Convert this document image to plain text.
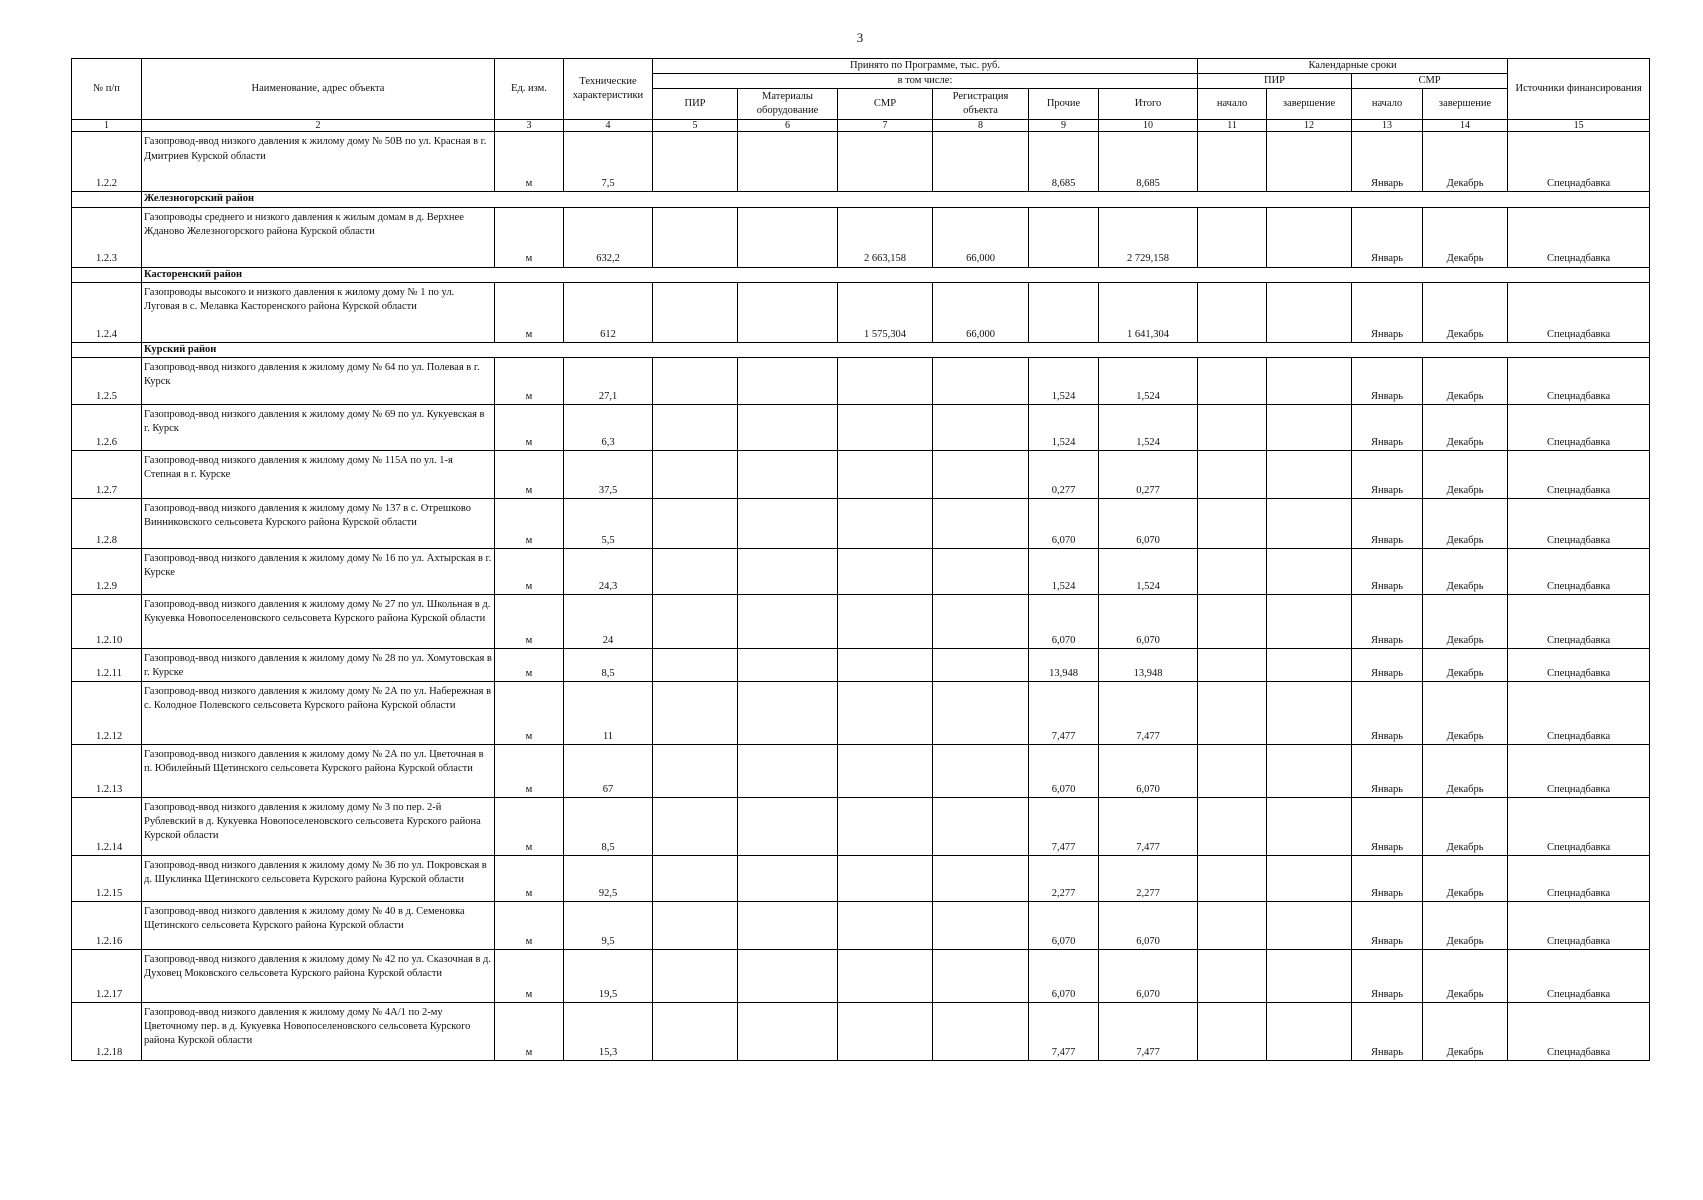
3
№ п/п	Наименование, адрес объекта	Ед. изм.	Технические характеристики	Принято по Программе, тыс. руб.						Календарные сроки				Источники финансирования
				в том числе:						ПИР		СМР		
				ПИР	Материалы оборудование	СМР	Регистрация объекта	Прочие	Итого	начало	завершение	начало	завершение	
1	2	3	4	5	6	7	8	9	10	11	12	13	14	15
1.2.2	Газопровод-ввод низкого давления к жилому дому № 50В по ул. Красная в г. Дмитриев Курской области	м	7,5					8,685	8,685			Январь	Декабрь	Спецнадбавка
	Железногорский район													
1.2.3	Газопроводы среднего и низкого давления к жилым домам в д. Верхнее Жданово Железногорского района Курской области	м	632,2			2 663,158	66,000		2 729,158			Январь	Декабрь	Спецнадбавка
	Касторенский район													
1.2.4	Газопроводы высокого и низкого давления к жилому дому № 1 по ул. Луговая в с. Мелавка Касторенского района Курской области	м	612			1 575,304	66,000		1 641,304			Январь	Декабрь	Спецнадбавка
	Курский район													
1.2.5	Газопровод-ввод низкого давления к жилому дому № 64 по ул. Полевая в г. Курск	м	27,1					1,524	1,524			Январь	Декабрь	Спецнадбавка
1.2.6	Газопровод-ввод низкого давления к жилому дому № 69 по ул. Кукуевская в г. Курск	м	6,3					1,524	1,524			Январь	Декабрь	Спецнадбавка
1.2.7	Газопровод-ввод низкого давления к жилому дому № 115А по ул. 1-я Степная в г. Курске	м	37,5					0,277	0,277			Январь	Декабрь	Спецнадбавка
1.2.8	Газопровод-ввод низкого давления к жилому дому № 137 в с. Отрешково Винниковского сельсовета Курского района Курской области	м	5,5					6,070	6,070			Январь	Декабрь	Спецнадбавка
1.2.9	Газопровод-ввод низкого давления к жилому дому № 16 по ул. Ахтырская в г. Курске	м	24,3					1,524	1,524			Январь	Декабрь	Спецнадбавка
1.2.10	Газопровод-ввод низкого давления к жилому дому № 27 по ул. Школьная в д. Кукуевка Новопоселеновского сельсовета Курского района Курской области	м	24					6,070	6,070			Январь	Декабрь	Спецнадбавка
1.2.11	Газопровод-ввод низкого давления к жилому дому № 28 по ул. Хомутовская в г. Курске	м	8,5					13,948	13,948			Январь	Декабрь	Спецнадбавка
1.2.12	Газопровод-ввод низкого давления к жилому дому № 2А по ул. Набережная в с. Колодное Полевского сельсовета Курского района Курской области	м	11					7,477	7,477			Январь	Декабрь	Спецнадбавка
1.2.13	Газопровод-ввод низкого давления к жилому дому № 2А по ул. Цветочная в п. Юбилейный Щетинского сельсовета Курского района Курской области	м	67					6,070	6,070			Январь	Декабрь	Спецнадбавка
1.2.14	Газопровод-ввод низкого давления к жилому дому № 3 по пер. 2-й Рублевский в д. Кукуевка Новопоселеновского сельсовета Курского района Курской области	м	8,5					7,477	7,477			Январь	Декабрь	Спецнадбавка
1.2.15	Газопровод-ввод низкого давления к жилому дому № 36 по ул. Покровская в д. Шуклинка Щетинского сельсовета Курского района Курской области	м	92,5					2,277	2,277			Январь	Декабрь	Спецнадбавка
1.2.16	Газопровод-ввод низкого давления к жилому дому № 40 в д. Семеновка Щетинского сельсовета Курского района Курской области	м	9,5					6,070	6,070			Январь	Декабрь	Спецнадбавка
1.2.17	Газопровод-ввод низкого давления к жилому дому № 42 по ул. Сказочная в д. Духовец Моковского сельсовета Курского района Курской области	м	19,5					6,070	6,070			Январь	Декабрь	Спецнадбавка
1.2.18	Газопровод-ввод низкого давления к жилому дому № 4А/1 по 2-му Цветочному пер. в д. Кукуевка Новопоселеновского сельсовета Курского района Курской области	м	15,3					7,477	7,477			Январь	Декабрь	Спецнадбавка
